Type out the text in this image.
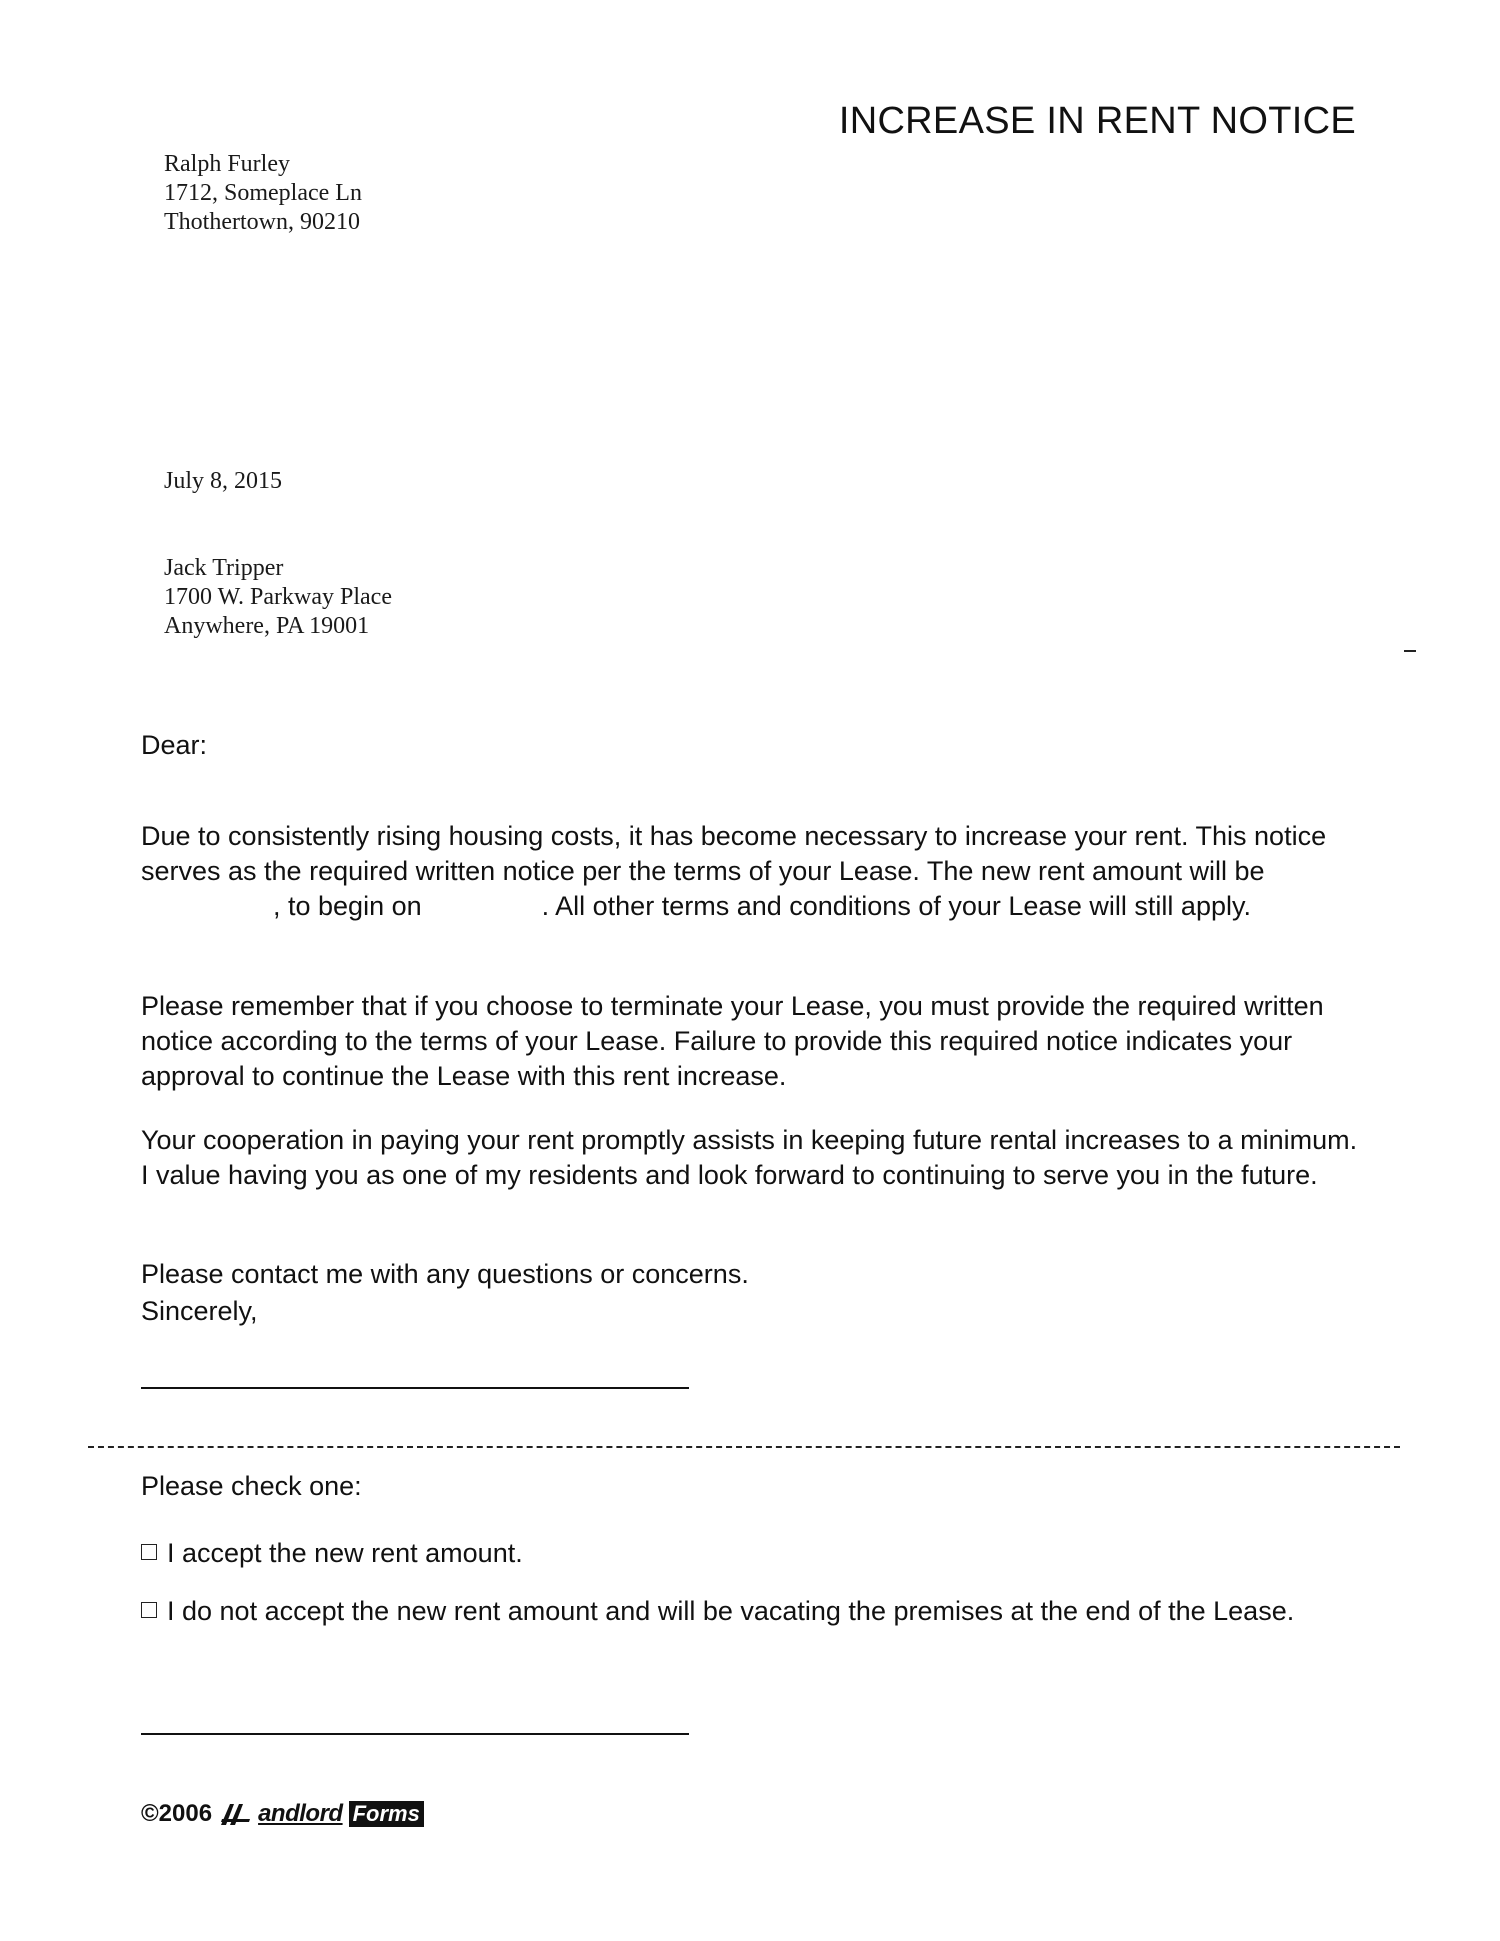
INCREASE IN RENT NOTICE
Ralph Furley
1712, Someplace Ln
Thothertown, 90210
July 8, 2015
Jack Tripper
1700 W. Parkway Place
Anywhere, PA 19001
Dear:

Due to consistently rising housing costs, it has become necessary to increase your rent. This notice serves as the required written notice per the terms of your Lease. The new rent amount will be, to begin on	. All other terms and conditions of your Lease will still apply.

Please remember that if you choose to terminate your Lease, you must provide the required written notice according to the terms of your Lease. Failure to provide this required notice indicates your approval to continue the Lease with this rent increase.

Your cooperation in paying your rent promptly assists in keeping future rental increases to a minimum. I value having you as one of my residents and look forward to continuing to serve you in the future.

Please contact me with any questions or concerns.

Sincerely,
Please check one:
I accept the new rent amount.
I do not accept the new rent amount and will be vacating the premises at the end of the Lease.
©2006 andlord Forms
